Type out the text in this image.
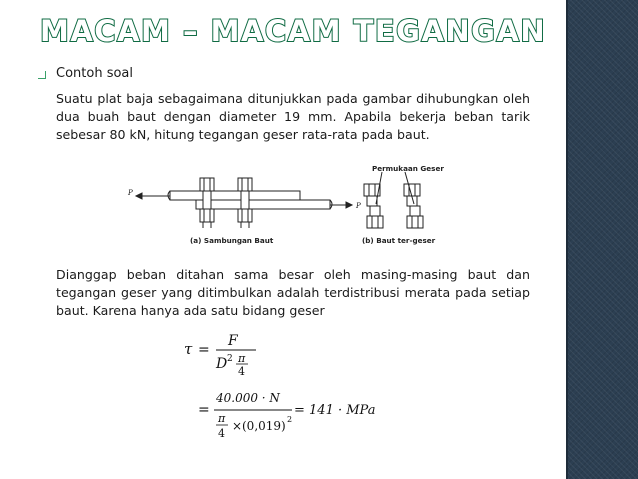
MACAM – MACAM TEGANGAN
Contoh soal
Suatu plat baja sebagaimana ditunjukkan pada gambar dihubungkan oleh dua buah baut dengan diameter 19 mm. Apabila bekerja beban tarik sebesar 80 kN, hitung tegangan geser rata-rata pada baut.
P
P
(a) Sambungan Baut
Permukaan Geser
(b) Baut ter-geser
Dianggap beban ditahan sama besar oleh masing-masing baut dan tegangan geser yang ditimbulkan adalah terdistribusi merata pada setiap baut. Karena hanya ada satu bidang geser
τ =
F
D 2 π
4
=
40.000 · N
π
4
× (0,019) 2
= 141 · MPa
